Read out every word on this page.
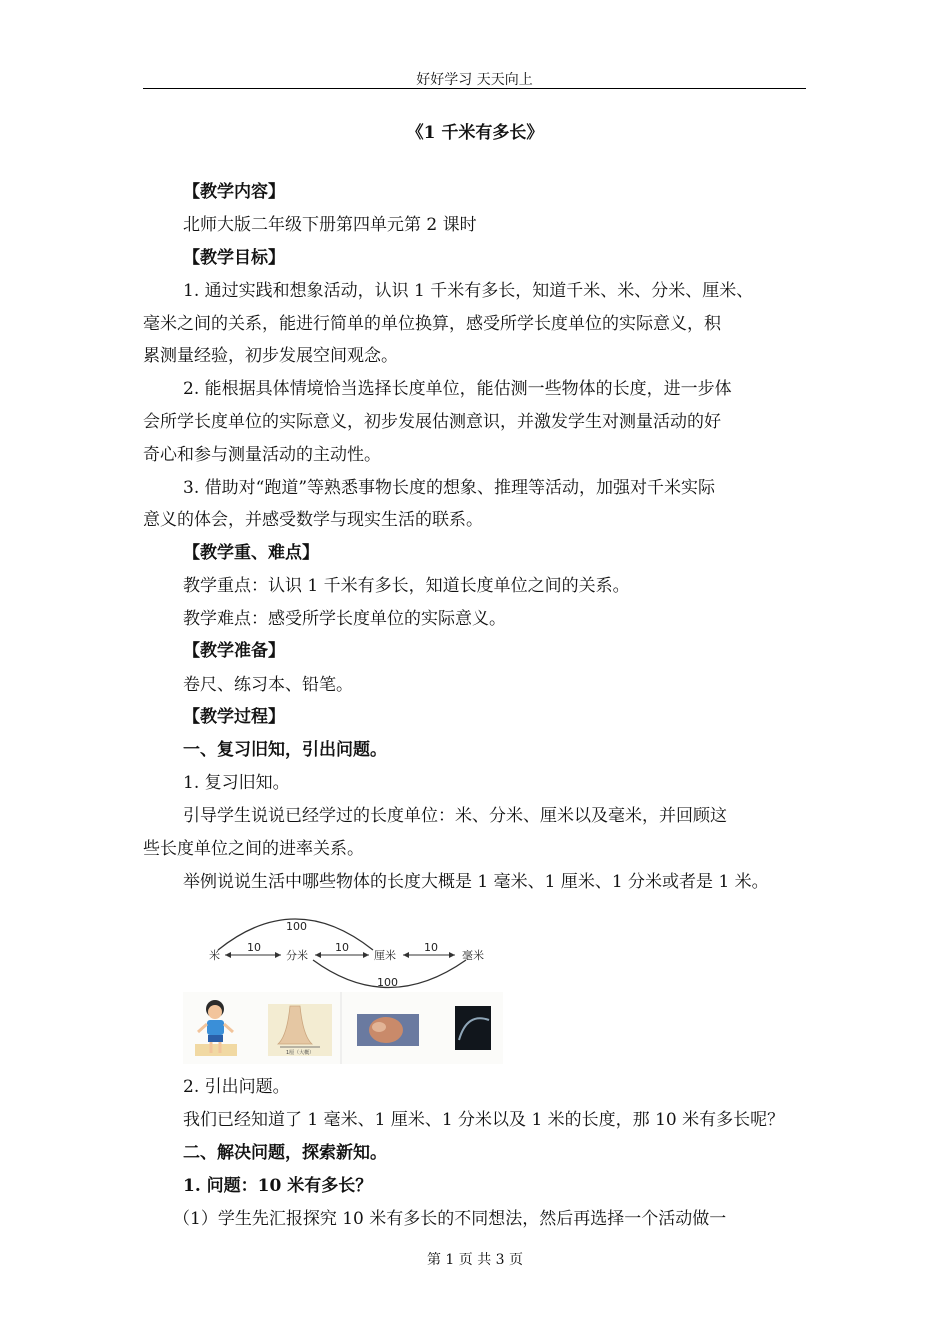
好好学习 天天向上
《1 千米有多长》
【教学内容】
北师大版二年级下册第四单元第 2 课时
【教学目标】
1. 通过实践和想象活动，认识 1 千米有多长，知道千米、米、分米、厘米、
毫米之间的关系，能进行简单的单位换算，感受所学长度单位的实际意义，积
累测量经验，初步发展空间观念。
2. 能根据具体情境恰当选择长度单位，能估测一些物体的长度，进一步体
会所学长度单位的实际意义，初步发展估测意识，并激发学生对测量活动的好
奇心和参与测量活动的主动性。
3. 借助对“跑道”等熟悉事物长度的想象、推理等活动，加强对千米实际
意义的体会，并感受数学与现实生活的联系。
【教学重、难点】
教学重点：认识 1 千米有多长，知道长度单位之间的关系。
教学难点：感受所学长度单位的实际意义。
【教学准备】
卷尺、练习本、铅笔。
【教学过程】
一、复习旧知，引出问题。
1. 复习旧知。
引导学生说说已经学过的长度单位：米、分米、厘米以及毫米，并回顾这
些长度单位之间的进率关系。
举例说说生活中哪些物体的长度大概是 1 毫米、1 厘米、1 分米或者是 1 米。
100
100
米	分米	厘米	毫米
10	10	10
1厘（大概）
2. 引出问题。
我们已经知道了 1 毫米、1 厘米、1 分米以及 1 米的长度，那 10 米有多长呢？
二、解决问题，探索新知。
1. 问题：10 米有多长？
（1）学生先汇报探究 10 米有多长的不同想法，然后再选择一个活动做一
第 1 页 共 3 页
